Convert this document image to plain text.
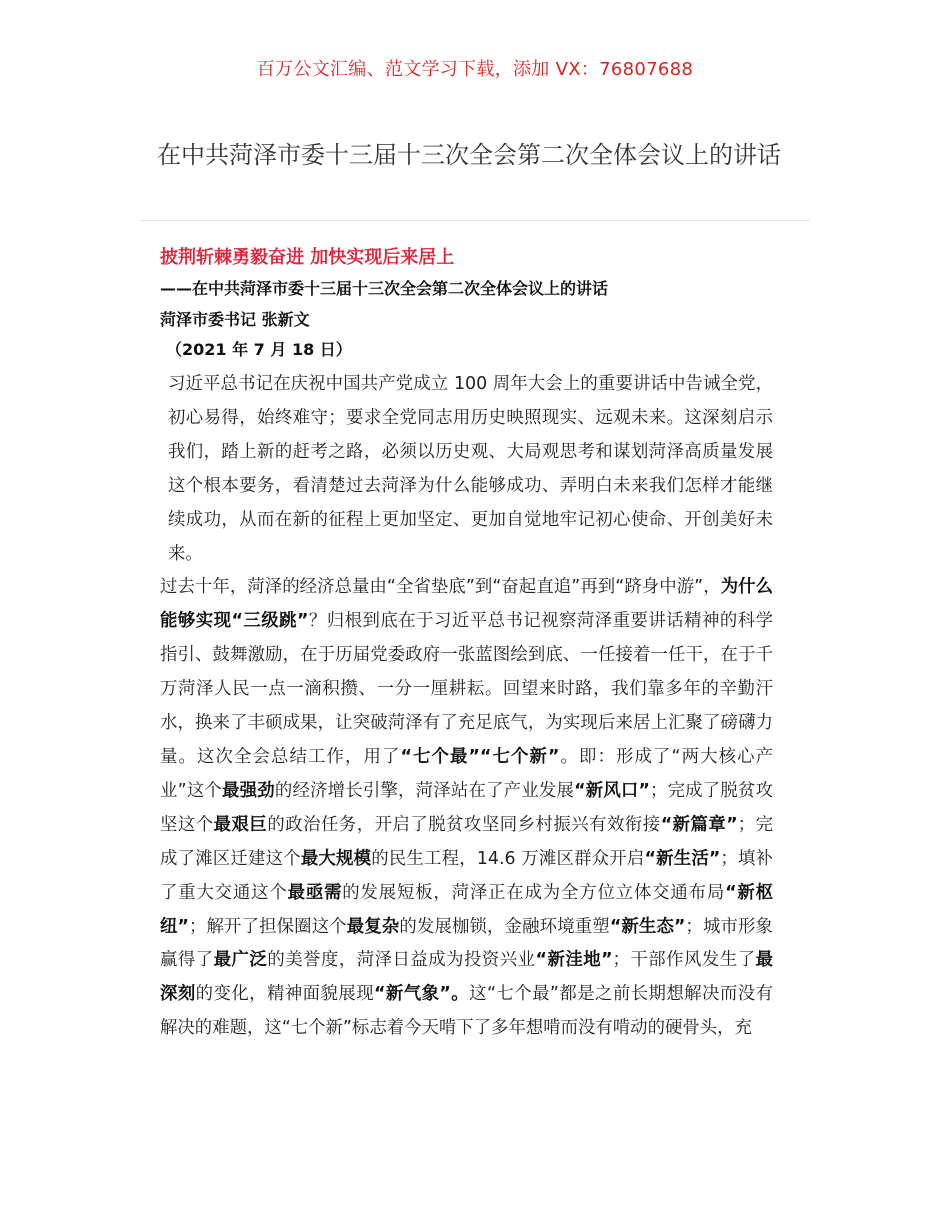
百万公文汇编、范文学习下载，添加 VX：76807688
在中共菏泽市委十三届十三次全会第二次全体会议上的讲话
披荆斩棘勇毅奋进 加快实现后来居上
——在中共菏泽市委十三届十三次全会第二次全体会议上的讲话
菏泽市委书记 张新文
（2021 年 7 月 18 日）

习近平总书记在庆祝中国共产党成立 100 周年大会上的重要讲话中告诫全党，初心易得，始终难守；要求全党同志用历史映照现实、远观未来。这深刻启示我们，踏上新的赶考之路，必须以历史观、大局观思考和谋划菏泽高质量发展这个根本要务，看清楚过去菏泽为什么能够成功、弄明白未来我们怎样才能继续成功，从而在新的征程上更加坚定、更加自觉地牢记初心使命、开创美好未来。

过去十年，菏泽的经济总量由“全省垫底”到“奋起直追”再到“跻身中游”，为什么能够实现“三级跳”？归根到底在于习近平总书记视察菏泽重要讲话精神的科学指引、鼓舞激励，在于历届党委政府一张蓝图绘到底、一任接着一任干，在于千万菏泽人民一点一滴积攒、一分一厘耕耘。回望来时路，我们靠多年的辛勤汗水，换来了丰硕成果，让突破菏泽有了充足底气，为实现后来居上汇聚了磅礴力量。这次全会总结工作，用了“七个最”“七个新”。即：形成了“两大核心产业”这个最强劲的经济增长引擎，菏泽站在了产业发展“新风口”；完成了脱贫攻坚这个最艰巨的政治任务，开启了脱贫攻坚同乡村振兴有效衔接“新篇章”；完成了滩区迁建这个最大规模的民生工程，14.6 万滩区群众开启“新生活”；填补了重大交通这个最亟需的发展短板，菏泽正在成为全方位立体交通布局“新枢纽”；解开了担保圈这个最复杂的发展枷锁，金融环境重塑“新生态”；城市形象赢得了最广泛的美誉度，菏泽日益成为投资兴业“新洼地”；干部作风发生了最深刻的变化，精神面貌展现“新气象”。这“七个最”都是之前长期想解决而没有解决的难题，这“七个新”标志着今天啃下了多年想啃而没有啃动的硬骨头，充
